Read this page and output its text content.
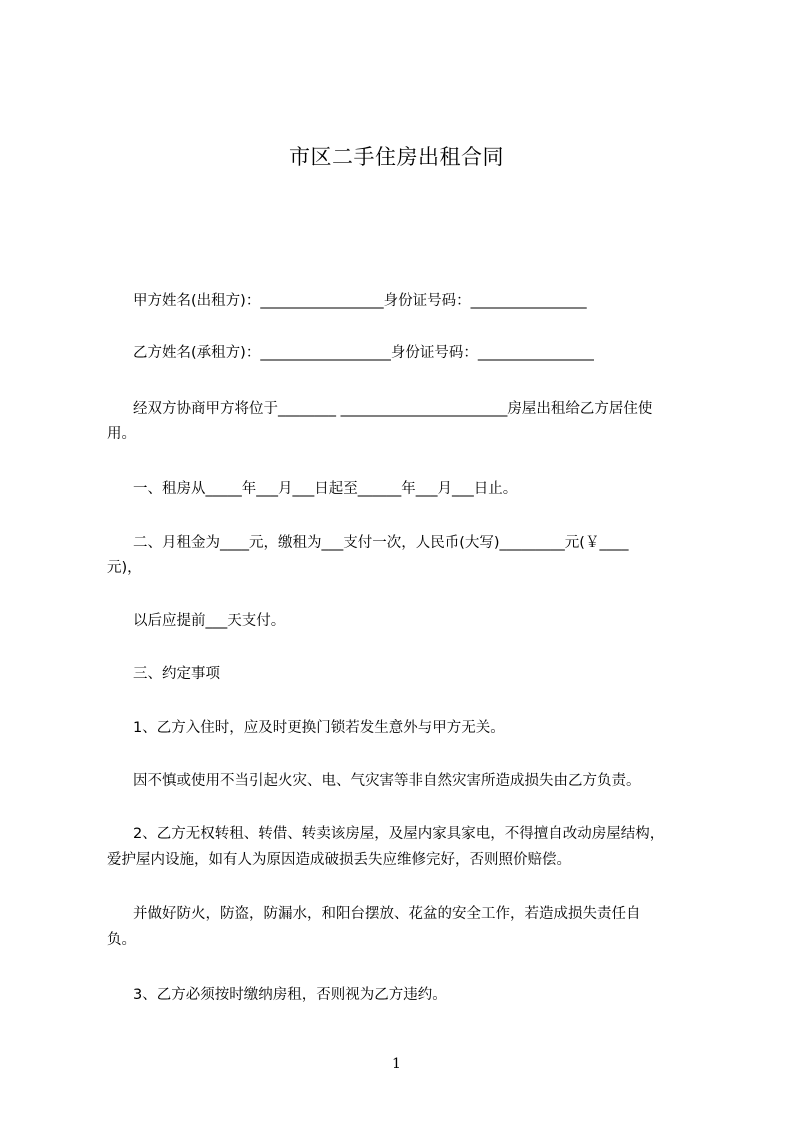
市区二手住房出租合同
甲方姓名(出租方)：_________________身份证号码：________________
乙方姓名(承租方)：__________________身份证号码：________________
经双方协商甲方将位于________ _______________________房屋出租给乙方居住使
用。
一、租房从_____年___月___日起至______年___月___日止。
二、月租金为____元，缴租为___支付一次，人民币(大写)_________元(￥____
元)，
以后应提前___天支付。
三、约定事项
1、乙方入住时，应及时更换门锁若发生意外与甲方无关。
因不慎或使用不当引起火灾、电、气灾害等非自然灾害所造成损失由乙方负责。
2、乙方无权转租、转借、转卖该房屋，及屋内家具家电，不得擅自改动房屋结构，
爱护屋内设施，如有人为原因造成破损丢失应维修完好，否则照价赔偿。
并做好防火，防盗，防漏水，和阳台摆放、花盆的安全工作，若造成损失责任自
负。
3、乙方必须按时缴纳房租，否则视为乙方违约。
1
